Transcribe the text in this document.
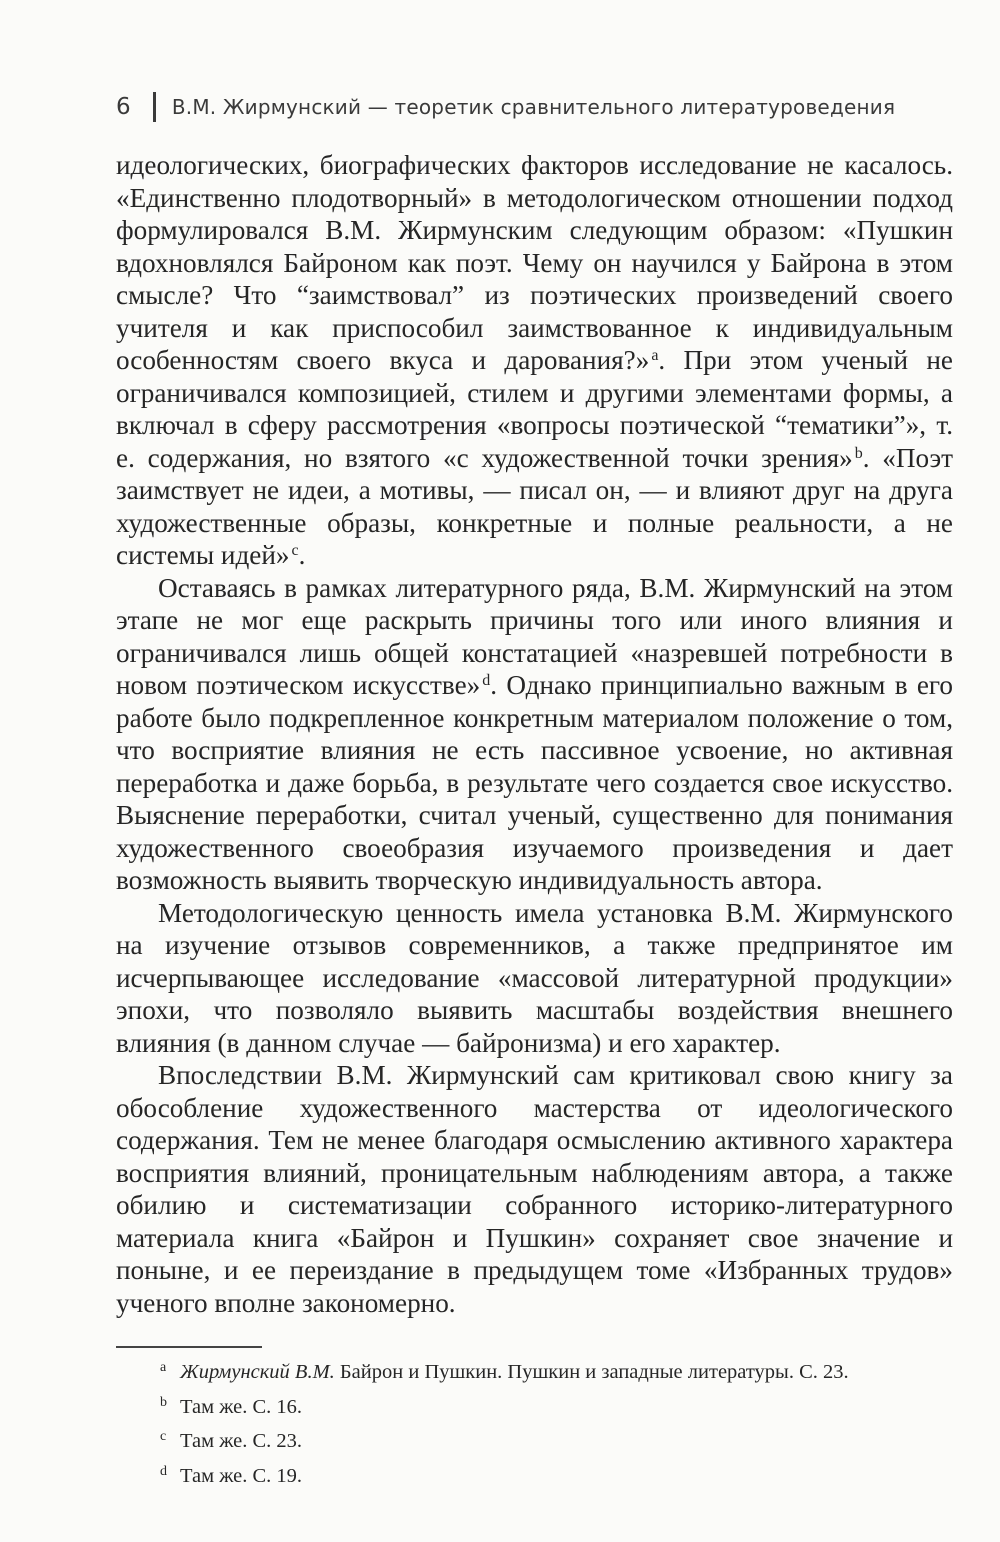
6 В.М. Жирмунский — теоретик сравнительного литературоведения

идеологических, биографических факторов исследование не касалось. «Единственно плодотворный» в методологическом отношении подход формулировался В.М. Жирмунским следующим образом: «Пушкин вдохновлялся Байроном как поэт. Чему он научился у Байрона в этом смысле? Что “заимствовал” из поэтических произведений своего учителя и как приспособил заимствованное к индивидуальным особенностям своего вкуса и дарования?» $^a$. При этом ученый не ограничивался композицией, стилем и другими элементами формы, а включал в сферу рассмотрения «вопросы поэтической “тематики”», т. е. содержания, но взятого «с художественной точки зрения» $^b$. «Поэт заимствует не идеи, а мотивы, — писал он, — и влияют друг на друга художественные образы, конкретные и полные реальности, а не системы идей» $^c$.

Оставаясь в рамках литературного ряда, В.М. Жирмунский на этом этапе не мог еще раскрыть причины того или иного влияния и ограничивался лишь общей констатацией «назревшей потребности в новом поэтическом искусстве» $^d$. Однако принципиально важным в его работе было подкрепленное конкретным материалом положение о том, что восприятие влияния не есть пассивное усвоение, но активная переработка и даже борьба, в результате чего создается свое искусство. Выяснение переработки, считал ученый, существенно для понимания художественного своеобразия изучаемого произведения и дает возможность выявить творческую индивидуальность автора.

Методологическую ценность имела установка В.М. Жирмунского на изучение отзывов современников, а также предпринятое им исчерпывающее исследование «массовой литературной продукции» эпохи, что позволяло выявить масштабы воздействия внешнего влияния (в данном случае — байронизма) и его характер.

Впоследствии В.М. Жирмунский сам критиковал свою книгу за обособление художественного мастерства от идеологического содержания. Тем не менее благодаря осмыслению активного характера восприятия влияний, проницательным наблюдениям автора, а также обилию и систематизации собранного историко-литературного материала книга «Байрон и Пушкин» сохраняет свое значение и поныне, и ее переиздание в предыдущем томе «Избранных трудов» ученого вполне закономерно.

a Жирмунский В.М. Байрон и Пушкин. Пушкин и западные литературы. С. 23.
b Там же. С. 16.
c Там же. С. 23.
d Там же. С. 19.
